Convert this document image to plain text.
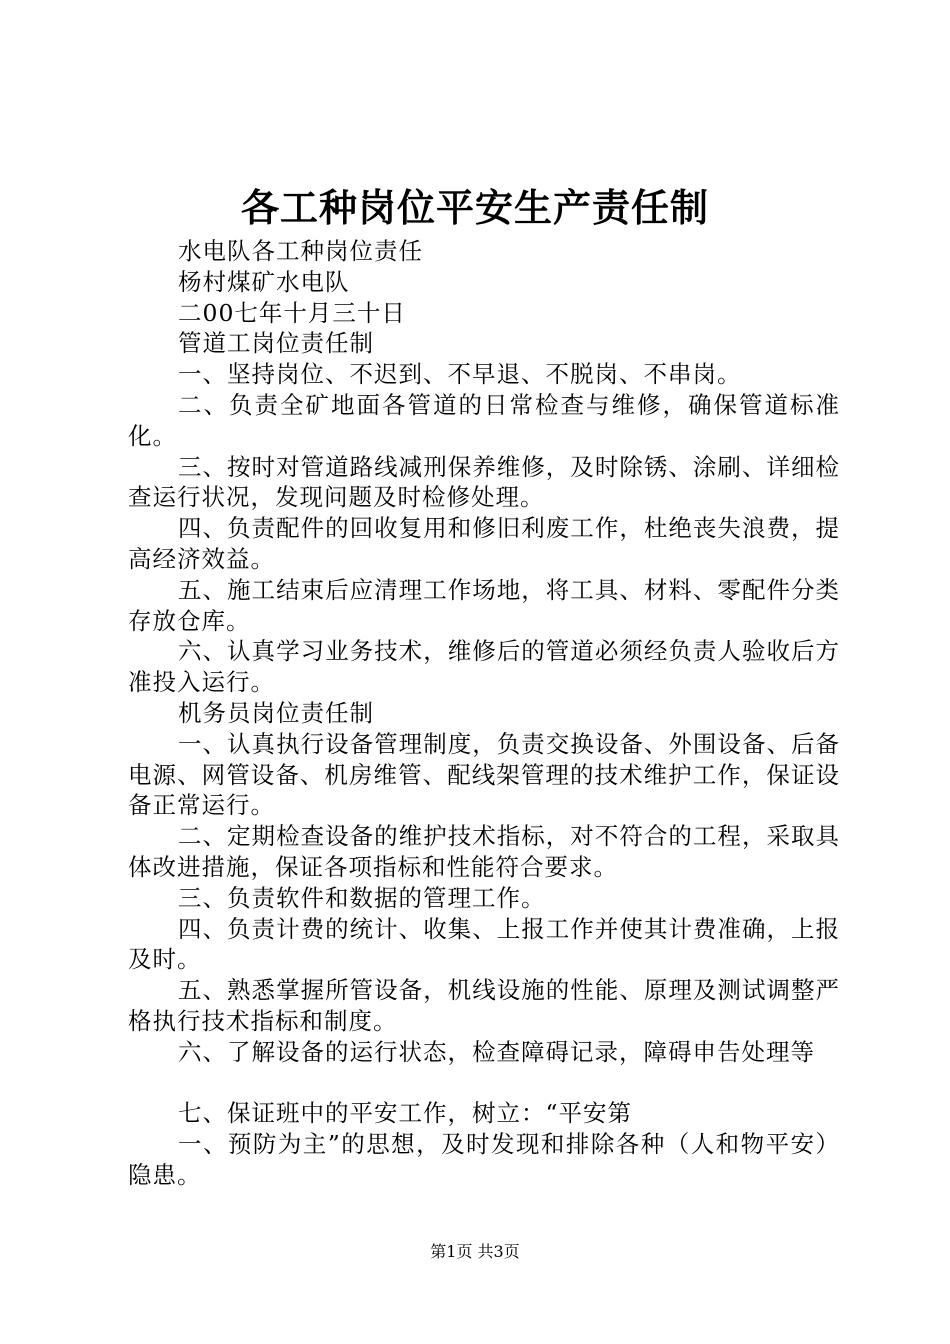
各工种岗位平安生产责任制

水电队各工种岗位责任

杨村煤矿水电队

二00七年十月三十日

管道工岗位责任制

一、坚持岗位、不迟到、不早退、不脱岗、不串岗。

二、负责全矿地面各管道的日常检查与维修，确保管道标准化。

三、按时对管道路线减刑保养维修，及时除锈、涂刷、详细检查运行状况，发现问题及时检修处理。

四、负责配件的回收复用和修旧利废工作，杜绝丧失浪费，提高经济效益。

五、施工结束后应清理工作场地，将工具、材料、零配件分类存放仓库。

六、认真学习业务技术，维修后的管道必须经负责人验收后方准投入运行。

机务员岗位责任制

一、认真执行设备管理制度，负责交换设备、外围设备、后备电源、网管设备、机房维管、配线架管理的技术维护工作，保证设备正常运行。

二、定期检查设备的维护技术指标，对不符合的工程，采取具体改进措施，保证各项指标和性能符合要求。

三、负责软件和数据的管理工作。

四、负责计费的统计、收集、上报工作并使其计费准确，上报及时。

五、熟悉掌握所管设备，机线设施的性能、原理及测试调整严格执行技术指标和制度。

六、了解设备的运行状态，检查障碍记录，障碍申告处理等

七、保证班中的平安工作，树立：“平安第

一、预防为主”的思想，及时发现和排除各种（人和物平安）隐患。

第1页 共3页
